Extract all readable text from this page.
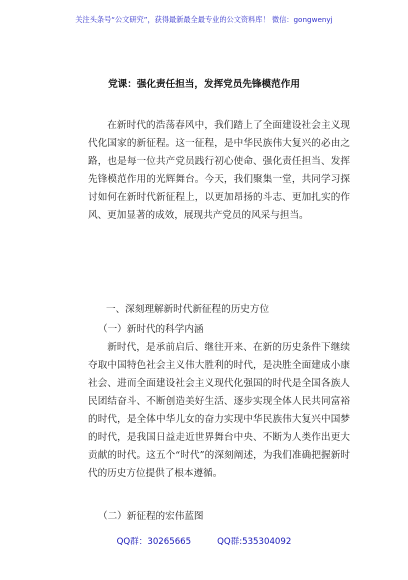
关注头条号“公文研究”，获得最新最全最专业的公文资料库！ 微信：gongwenyj
党课：强化责任担当，发挥党员先锋模范作用

在新时代的浩荡春风中，我们踏上了全面建设社会主义现代化国家的新征程。这一征程，是中华民族伟大复兴的必由之路，也是每一位共产党员践行初心使命、强化责任担当、发挥先锋模范作用的光辉舞台。今天，我们聚集一堂，共同学习探讨如何在新时代新征程上，以更加昂扬的斗志、更加扎实的作风、更加显著的成效，展现共产党员的风采与担当。

一、深刻理解新时代新征程的历史方位

（一）新时代的科学内涵

新时代，是承前启后、继往开来、在新的历史条件下继续夺取中国特色社会主义伟大胜利的时代，是决胜全面建成小康社会、进而全面建设社会主义现代化强国的时代是全国各族人民团结奋斗、不断创造美好生活、逐步实现全体人民共同富裕的时代，是全体中华儿女的奋力实现中华民族伟大复兴中国梦的时代，是我国日益走近世界舞台中央、不断为人类作出更大贡献的时代。这五个“时代”的深刻阐述，为我们准确把握新时代的历史方位提供了根本遵循。

（二）新征程的宏伟蓝图

QQ群：30265665	QQ群:535304092
